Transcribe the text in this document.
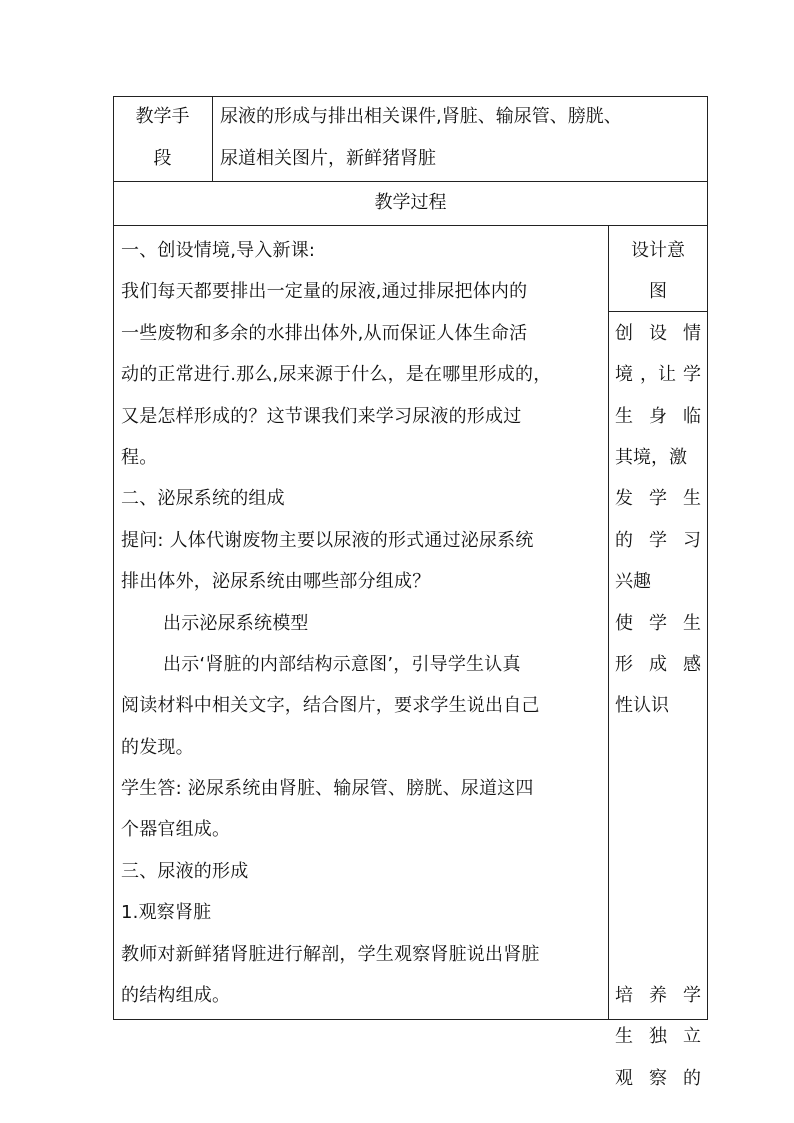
教学手
段
尿液的形成与排出相关课件,肾脏、输尿管、膀胱、
尿道相关图片，新鲜猪肾脏
教学过程
一、创设情境,导入新课:
我们每天都要排出一定量的尿液,通过排尿把体内的
一些废物和多余的水排出体外,从而保证人体生命活
动的正常进行.那么,尿来源于什么，是在哪里形成的，
又是怎样形成的？这节课我们来学习尿液的形成过
程。
二、泌尿系统的组成
提问: 人体代谢废物主要以尿液的形式通过泌尿系统
排出体外，泌尿系统由哪些部分组成？
出示泌尿系统模型
出示‘肾脏的内部结构示意图’，引导学生认真
阅读材料中相关文字，结合图片，要求学生说出自己
的发现。
学生答: 泌尿系统由肾脏、输尿管、膀胱、尿道这四
个器官组成。
三、尿液的形成
1.观察肾脏
教师对新鲜猪肾脏进行解剖，学生观察肾脏说出肾脏
的结构组成。
设计意
图
创 设 情
境 ，让 学
生 身 临
其境，激
发 学 生
的 学 习
兴趣
使 学 生
形 成 感
性认识
培 养 学
生 独 立
观 察 的
